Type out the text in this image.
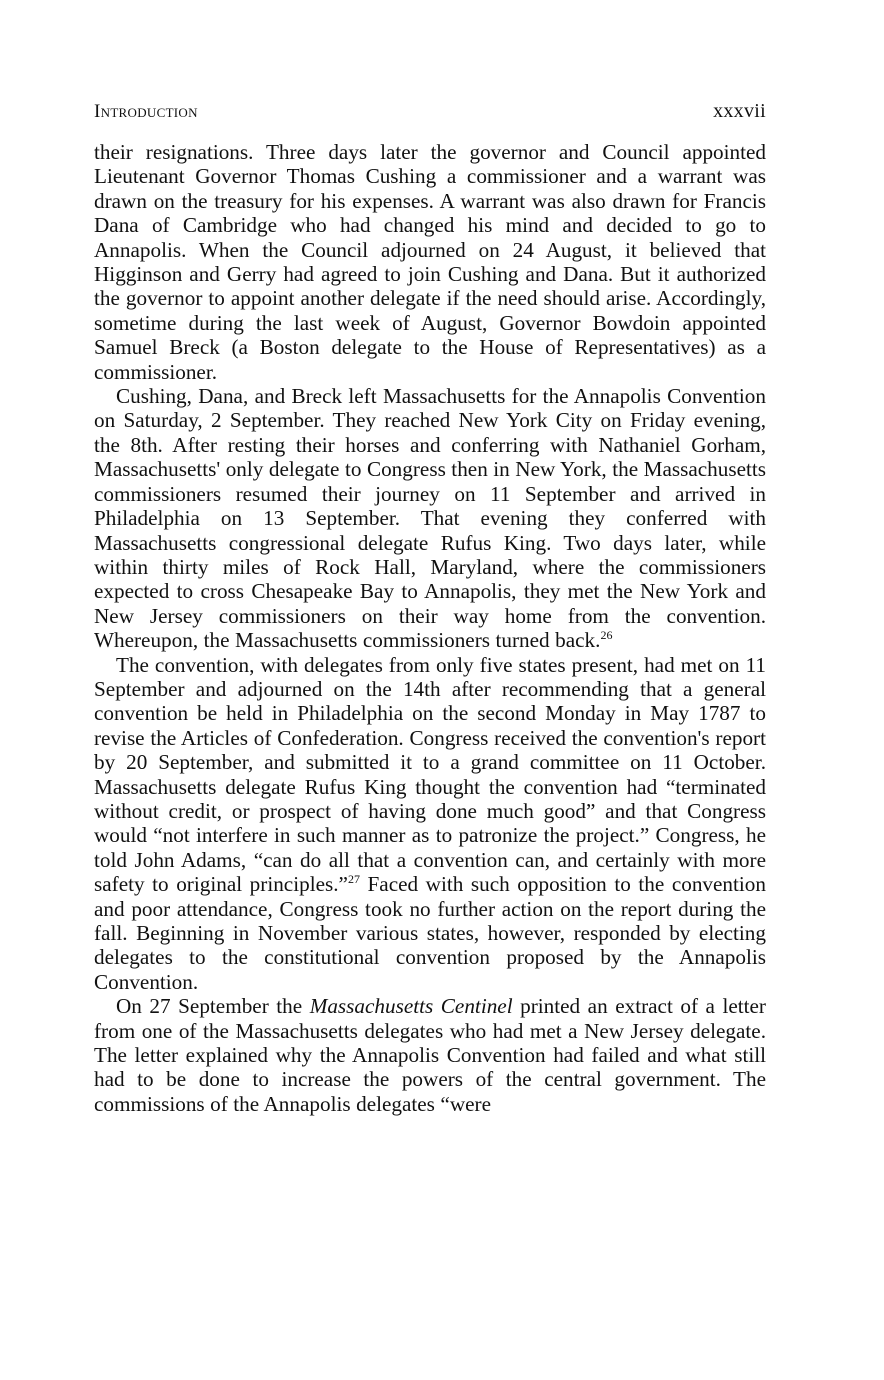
Introduction	xxxvii

their resignations. Three days later the governor and Council appointed Lieutenant Governor Thomas Cushing a commissioner and a warrant was drawn on the treasury for his expenses. A warrant was also drawn for Francis Dana of Cambridge who had changed his mind and decided to go to Annapolis. When the Council adjourned on 24 August, it believed that Higginson and Gerry had agreed to join Cushing and Dana. But it authorized the governor to appoint another delegate if the need should arise. Accordingly, sometime during the last week of August, Governor Bowdoin appointed Samuel Breck (a Boston delegate to the House of Representatives) as a commissioner.

Cushing, Dana, and Breck left Massachusetts for the Annapolis Convention on Saturday, 2 September. They reached New York City on Friday evening, the 8th. After resting their horses and conferring with Nathaniel Gorham, Massachusetts' only delegate to Congress then in New York, the Massachusetts commissioners resumed their journey on 11 September and arrived in Philadelphia on 13 September. That evening they conferred with Massachusetts congressional delegate Rufus King. Two days later, while within thirty miles of Rock Hall, Maryland, where the commissioners expected to cross Chesapeake Bay to Annapolis, they met the New York and New Jersey commissioners on their way home from the convention. Whereupon, the Massachusetts commissioners turned back.$^{26}$

The convention, with delegates from only five states present, had met on 11 September and adjourned on the 14th after recommending that a general convention be held in Philadelphia on the second Monday in May 1787 to revise the Articles of Confederation. Congress received the convention's report by 20 September, and submitted it to a grand committee on 11 October. Massachusetts delegate Rufus King thought the convention had “terminated without credit, or prospect of having done much good” and that Congress would “not interfere in such manner as to patronize the project.” Congress, he told John Adams, “can do all that a convention can, and certainly with more safety to original principles.”$^{27}$ Faced with such opposition to the convention and poor attendance, Congress took no further action on the report during the fall. Beginning in November various states, however, responded by electing delegates to the constitutional convention proposed by the Annapolis Convention.

On 27 September the Massachusetts Centinel printed an extract of a letter from one of the Massachusetts delegates who had met a New Jersey delegate. The letter explained why the Annapolis Convention had failed and what still had to be done to increase the powers of the central government. The commissions of the Annapolis delegates “were
